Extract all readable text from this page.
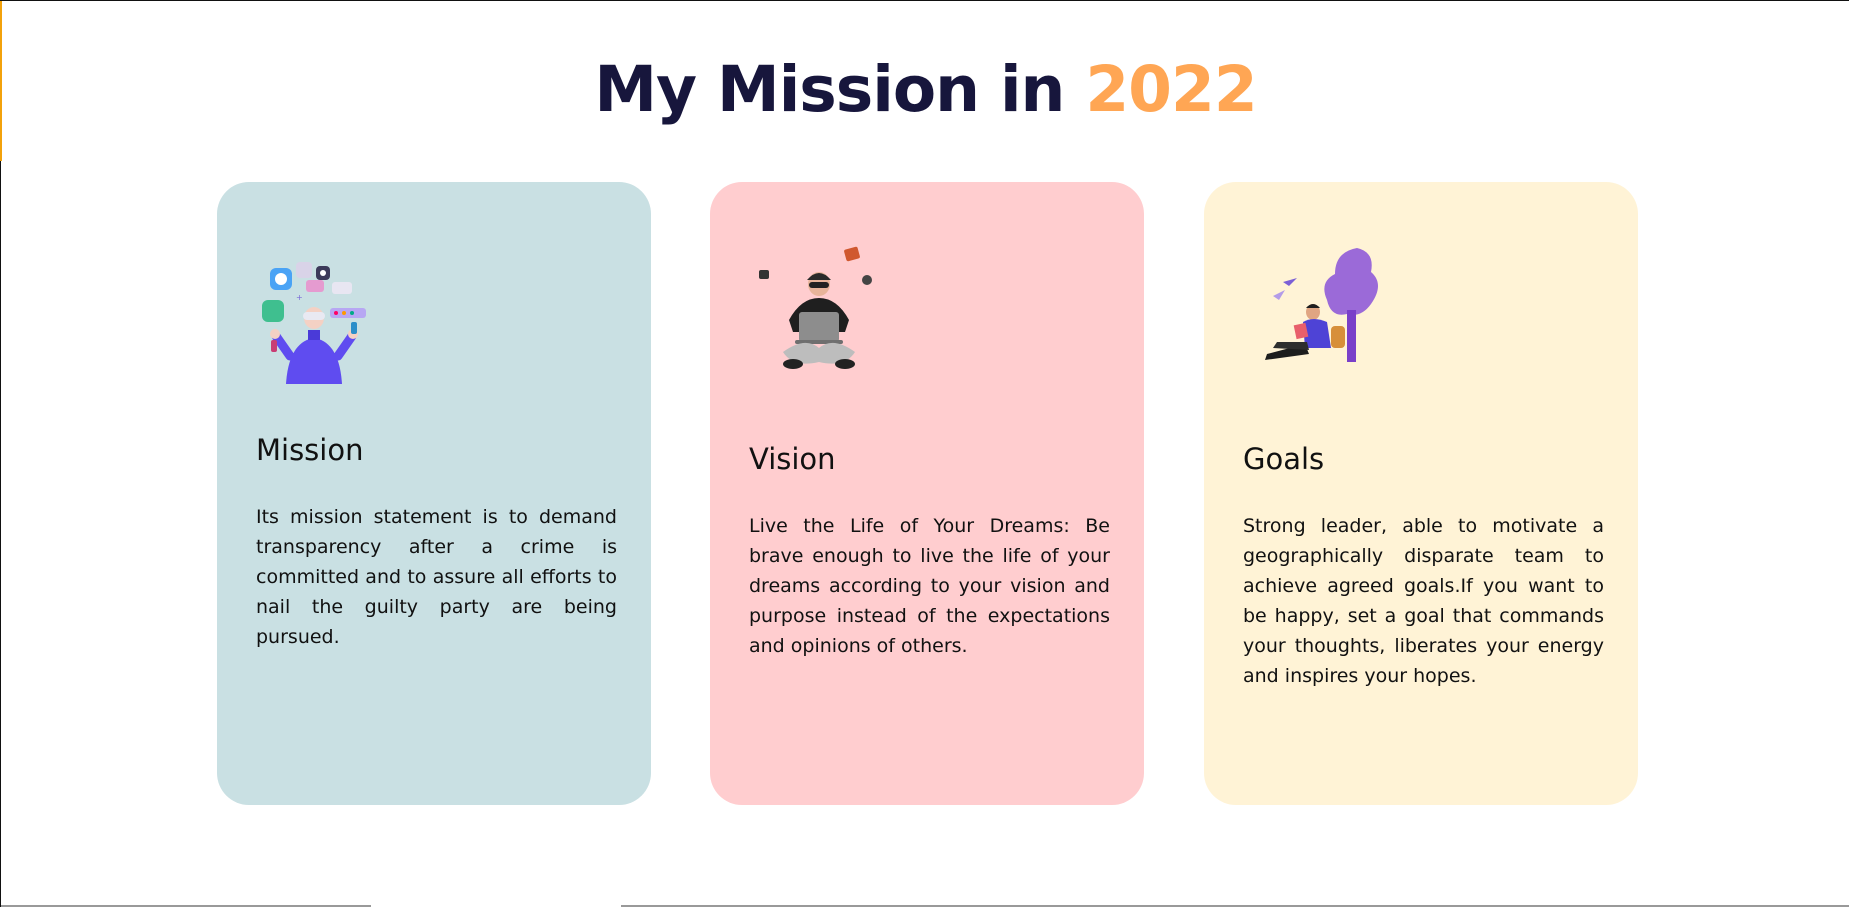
My Mission in 2022
+
Mission

Its mission statement is to demand transparency after a crime is committed and to assure all efforts to nail the guilty party are being pursued.

Vision

Live the Life of Your Dreams: Be brave enough to live the life of your dreams according to your vision and purpose instead of the expectations and opinions of others.

Goals

Strong leader, able to motivate a geographically disparate team to achieve agreed goals.If you want to be happy, set a goal that commands your thoughts, liberates your energy and inspires your hopes.
